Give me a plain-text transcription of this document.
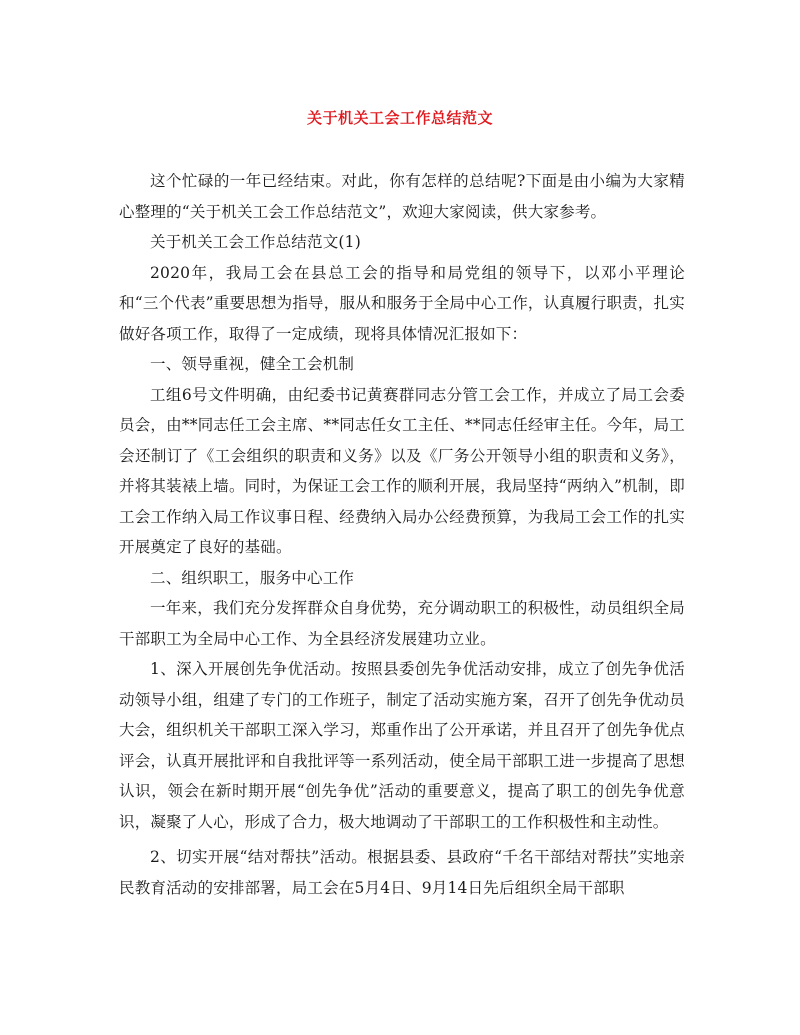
关于机关工会工作总结范文

这个忙碌的一年已经结束。对此，你有怎样的总结呢?下面是由小编为大家精心整理的“关于机关工会工作总结范文”，欢迎大家阅读，供大家参考。

关于机关工会工作总结范文(1)

2020年，我局工会在县总工会的指导和局党组的领导下，以邓小平理论和“三个代表”重要思想为指导，服从和服务于全局中心工作，认真履行职责，扎实做好各项工作，取得了一定成绩，现将具体情况汇报如下：

一、领导重视，健全工会机制

工组6号文件明确，由纪委书记黄赛群同志分管工会工作，并成立了局工会委员会，由**同志任工会主席、**同志任女工主任、**同志任经审主任。今年，局工会还制订了《工会组织的职责和义务》以及《厂务公开领导小组的职责和义务》，并将其装裱上墙。同时，为保证工会工作的顺利开展，我局坚持“两纳入”机制，即工会工作纳入局工作议事日程、经费纳入局办公经费预算，为我局工会工作的扎实开展奠定了良好的基础。

二、组织职工，服务中心工作

一年来，我们充分发挥群众自身优势，充分调动职工的积极性，动员组织全局干部职工为全局中心工作、为全县经济发展建功立业。

1、深入开展创先争优活动。按照县委创先争优活动安排，成立了创先争优活动领导小组，组建了专门的工作班子，制定了活动实施方案，召开了创先争优动员大会，组织机关干部职工深入学习，郑重作出了公开承诺，并且召开了创先争优点评会，认真开展批评和自我批评等一系列活动，使全局干部职工进一步提高了思想认识，领会在新时期开展“创先争优”活动的重要意义，提高了职工的创先争优意识，凝聚了人心，形成了合力，极大地调动了干部职工的工作积极性和主动性。

2、切实开展“结对帮扶”活动。根据县委、县政府“千名干部结对帮扶”实地亲民教育活动的安排部署，局工会在5月4日、9月14日先后组织全局干部职
